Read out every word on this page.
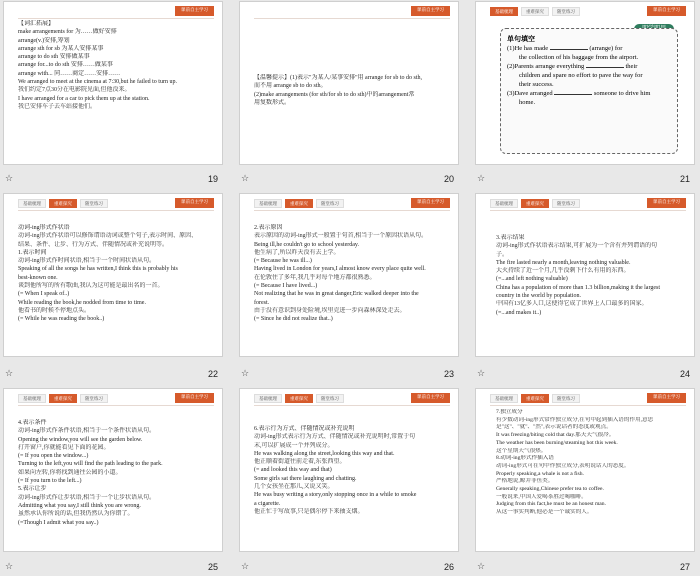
课前自主学习
【词汇拓展】
make arrangements for 为……做好安排
arrange(v.)安排,筹划
arrange sth for sb 为某人安排某事
arrange to do sth 安排做某事
arrange for...to do sth 安排……做某事
arrange with... 同……商定……安排……
We arranged to meet at the cinema at 7:30,but he failed to turn up.
我们约定7点30分在电影院见面,但他没来。
I have arranged for a car to pick them up at the station.
我已安排车子去车站接他们。
☆	19
课前自主学习
【温馨提示】(1)表示"为某人/某事安排"用 arrange for sb to do sth,
而不用 arrange sb to do sth。
(2)make arrangements (for sth/for sb to do sth)中的arrangement常
用复数形式。
☆	20
基础梳理	重难探究	随堂练习	课前自主学习
单句填空
(1)He has made	(arrange) for
the collection of his baggage from the airport.
(2)Parents arrange everything	their
children and spare no effort to pave the way for
their success.
(3)Dave arranged	someone to drive him
home.
☆	21
基础梳理	重难探究	随堂练习	课前自主学习
动词-ing形式作状语
动词-ing形式作状语可以修饰谓语动词或整个句子,表示时间、原因、
结果、条件、让步、行为方式、伴随情况或补充说明等。
1.表示时间
动词-ing形式作时间状语,相当于一个时间状语从句。
Speaking of all the songs he has written,I think this is probably his
best-known one.
谈到他所写的所有歌曲,我认为这可能是最出名的一首。
(= When I speak of..)
While reading the book,he nodded from time to time.
他看书的时候不停地点头。
(= While he was reading the book..)
☆	22
基础梳理	重难探究	随堂练习	课前自主学习
2.表示原因
表示原因的动词-ing形式一般置于句首,相当于一个原因状语从句。
Being ill,he couldn't go to school yesterday.
他生病了,所以昨天没有去上学。
(= Because he was ill...)
Having lived in London for years,I almost know every place quite well.
在伦敦住了多年,我几乎对每个地方都很熟悉。
(= Because I have lived...)
Not realizing that he was in great danger,Eric walked deeper into the
forest.
由于没有意识到身处险境,埃里克进一步向森林深处走去。
(= Since he did not realize that..)
☆	23
基础梳理	重难探究	随堂练习	课前自主学习
3.表示结果
动词-ing形式作状语表示结果,可扩展为一个含有并列谓语的句
子。
The fire lasted nearly a month,leaving nothing valuable.
大火持续了近一个月,几乎没剩下什么有用的东西。
(=...and left nothing valuable)
China has a population of more than 1.3 billion,making it the largest
country in the world by population.
中国有13亿多人口,这使得它成了世界上人口最多的国家。
(=...and makes it..)
☆	24
基础梳理	重难探究	随堂练习	课前自主学习
4.表示条件
动词-ing形式作条件状语,相当于一个条件状语从句。
Opening the window,you will see the garden below.
打开窗户,你就能看见下面的花园。
(= If you open the window...)
Turning to the left,you will find the path leading to the park.
如果向左转,你将找到通往公园的小道。
(= If you turn to the left...)
5.表示让步
动词-ing形式作让步状语,相当于一个让步状语从句。
Admitting what you say,I still think you are wrong.
虽然承认你所说的话,但我仍然认为你错了。
(=Though I admit what you say..)
☆	25
基础梳理	重难探究	随堂练习	课前自主学习
6.表示行为方式、伴随情况或补充说明
动词-ing形式表示行为方式、伴随情况或补充说明时,常置于句
末,可以扩展成一个并列成分。
He was walking along the street,looking this way and that.
他正顺着街道往前走着,东张西望。
(= and looked this way and that)
Some girls sat there laughing and chatting.
几个女孩坐在那儿,又说又笑。
He was busy writing a story,only stopping once in a while to smoke
a cigarette.
他正忙于写故事,只是偶尔停下来抽支烟。
☆	26
基础梳理	重难探究	随堂练习	课前自主学习
7.独立成分
有少数动词-ing形式常作独立成分,在句中起到插入语的作用,意思
是"这"、"就"、"然",表示说话者的态度或观点。
It was freezing/biting cold that day.那天天气很冷。
The weather has been burning/steaming hot this week.
这个星期天气很热。
8.动词-ing形式作插入语
动词-ing形式可在句中作独立成分,表明说话人的态度。
Properly speaking,a whale is not a fish.
严格地说,鲸并非鱼类。
Generally speaking,Chinese prefer tea to coffee.
一般说来,中国人爱喝茶胜过喝咖啡。
Judging from this fact,he must be an honest man.
从这一事实判断,他必是一个诚实的人。
☆	27
